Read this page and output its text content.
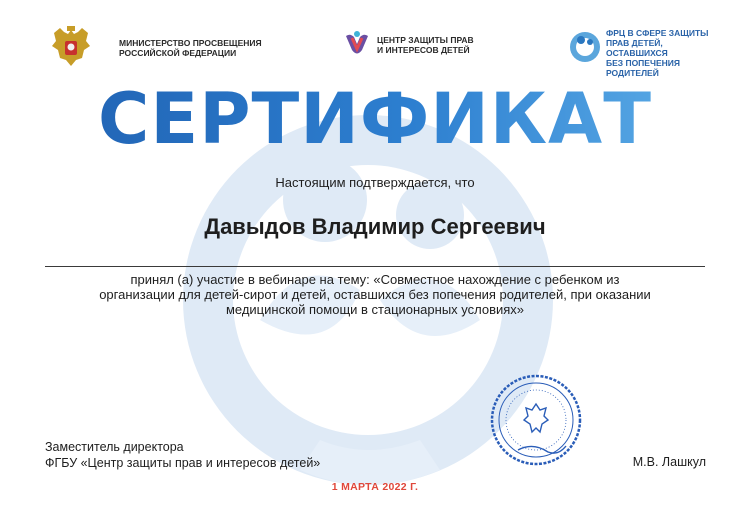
МИНИСТЕРСТВО ПРОСВЕЩЕНИЯ
РОССИЙСКОЙ ФЕДЕРАЦИИ
ЦЕНТР ЗАЩИТЫ ПРАВ
И ИНТЕРЕСОВ ДЕТЕЙ
ФРЦ В СФЕРЕ ЗАЩИТЫ
ПРАВ ДЕТЕЙ, ОСТАВШИХСЯ
БЕЗ ПОПЕЧЕНИЯ
РОДИТЕЛЕЙ
СЕРТИФИКАТ
Настоящим подтверждается, что
Давыдов Владимир Сергеевич
принял (а) участие в вебинаре на тему: «Совместное нахождение с ребенком из организации для детей-сирот и детей, оставшихся без попечения родителей, при оказании медицинской помощи в стационарных условиях»
Заместитель директора
ФГБУ «Центр защиты прав и интересов детей»	М.В. Лашкул
1 МАРТА 2022 Г.
